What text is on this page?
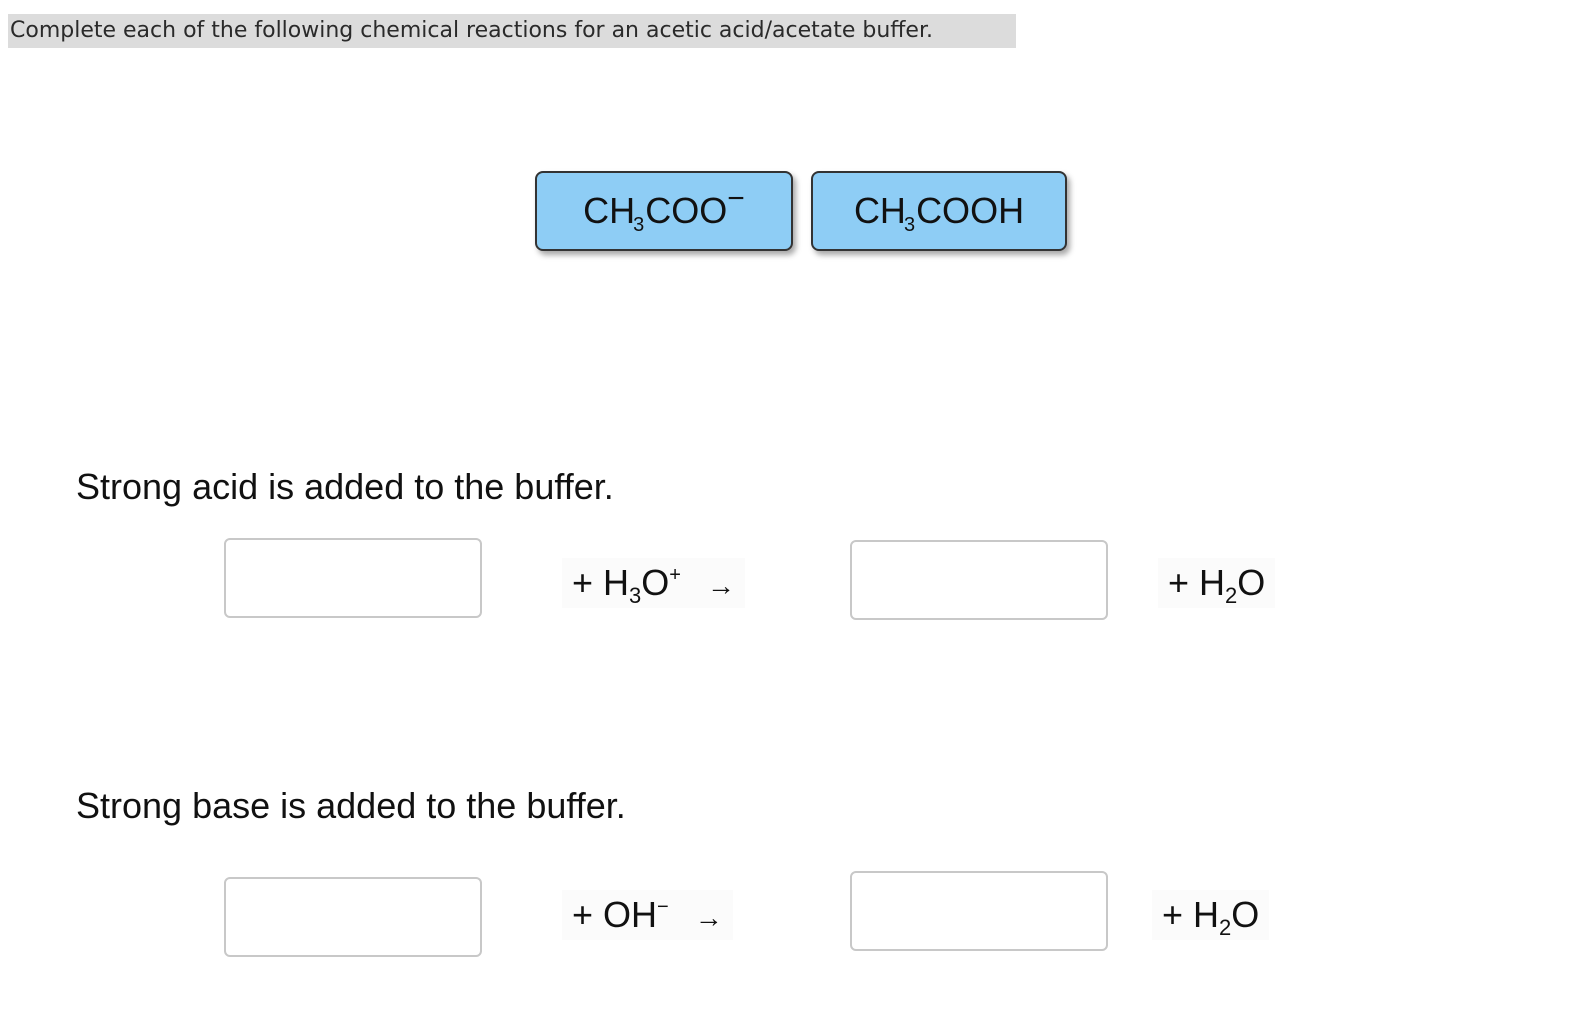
Complete each of the following chemical reactions for an acetic acid/acetate buffer.
CH
3 COO −	CH
3 COOH
Strong acid is added to the buffer.
+ $H_3O^+$ →	+ $H_2O$
Strong base is added to the buffer.
+ OH− →	+ $H_2O$
